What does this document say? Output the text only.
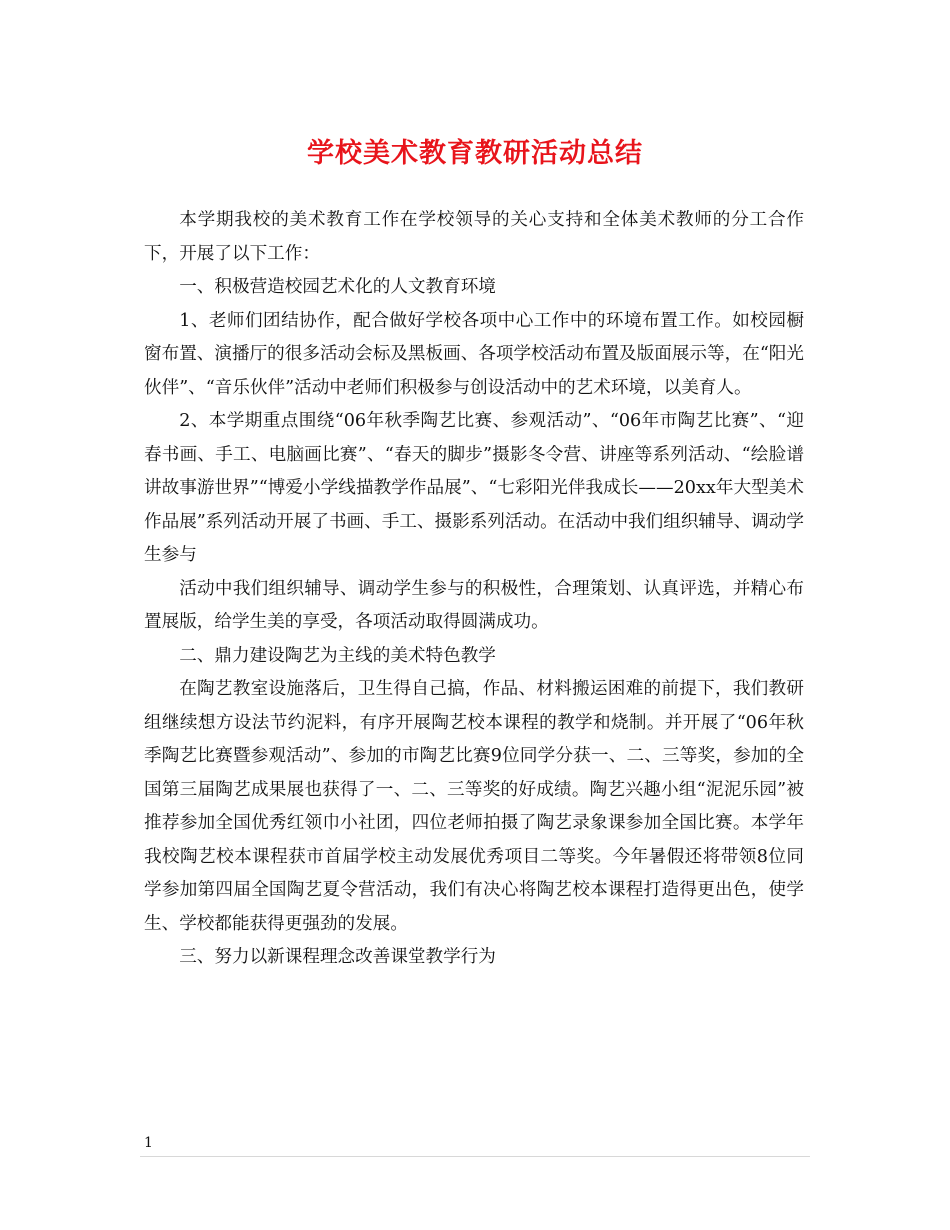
学校美术教育教研活动总结

本学期我校的美术教育工作在学校领导的关心支持和全体美术教师的分工合作下，开展了以下工作：

一、积极营造校园艺术化的人文教育环境

1、老师们团结协作，配合做好学校各项中心工作中的环境布置工作。如校园橱窗布置、演播厅的很多活动会标及黑板画、各项学校活动布置及版面展示等，在“阳光伙伴”、“音乐伙伴”活动中老师们积极参与创设活动中的艺术环境，以美育人。

2、本学期重点围绕“06年秋季陶艺比赛、参观活动”、“06年市陶艺比赛”、“迎春书画、手工、电脑画比赛”、“春天的脚步”摄影冬令营、讲座等系列活动、“绘脸谱讲故事游世界”“博爱小学线描教学作品展”、“七彩阳光伴我成长——20xx年大型美术作品展”系列活动开展了书画、手工、摄影系列活动。在活动中我们组织辅导、调动学生参与

活动中我们组织辅导、调动学生参与的积极性，合理策划、认真评选，并精心布置展版，给学生美的享受，各项活动取得圆满成功。

二、鼎力建设陶艺为主线的美术特色教学

在陶艺教室设施落后，卫生得自己搞，作品、材料搬运困难的前提下，我们教研组继续想方设法节约泥料，有序开展陶艺校本课程的教学和烧制。并开展了“06年秋季陶艺比赛暨参观活动”、参加的市陶艺比赛9位同学分获一、二、三等奖，参加的全国第三届陶艺成果展也获得了一、二、三等奖的好成绩。陶艺兴趣小组“泥泥乐园”被推荐参加全国优秀红领巾小社团，四位老师拍摄了陶艺录象课参加全国比赛。本学年我校陶艺校本课程获市首届学校主动发展优秀项目二等奖。今年暑假还将带领8位同学参加第四届全国陶艺夏令营活动，我们有决心将陶艺校本课程打造得更出色，使学生、学校都能获得更强劲的发展。

三、努力以新课程理念改善课堂教学行为

1
